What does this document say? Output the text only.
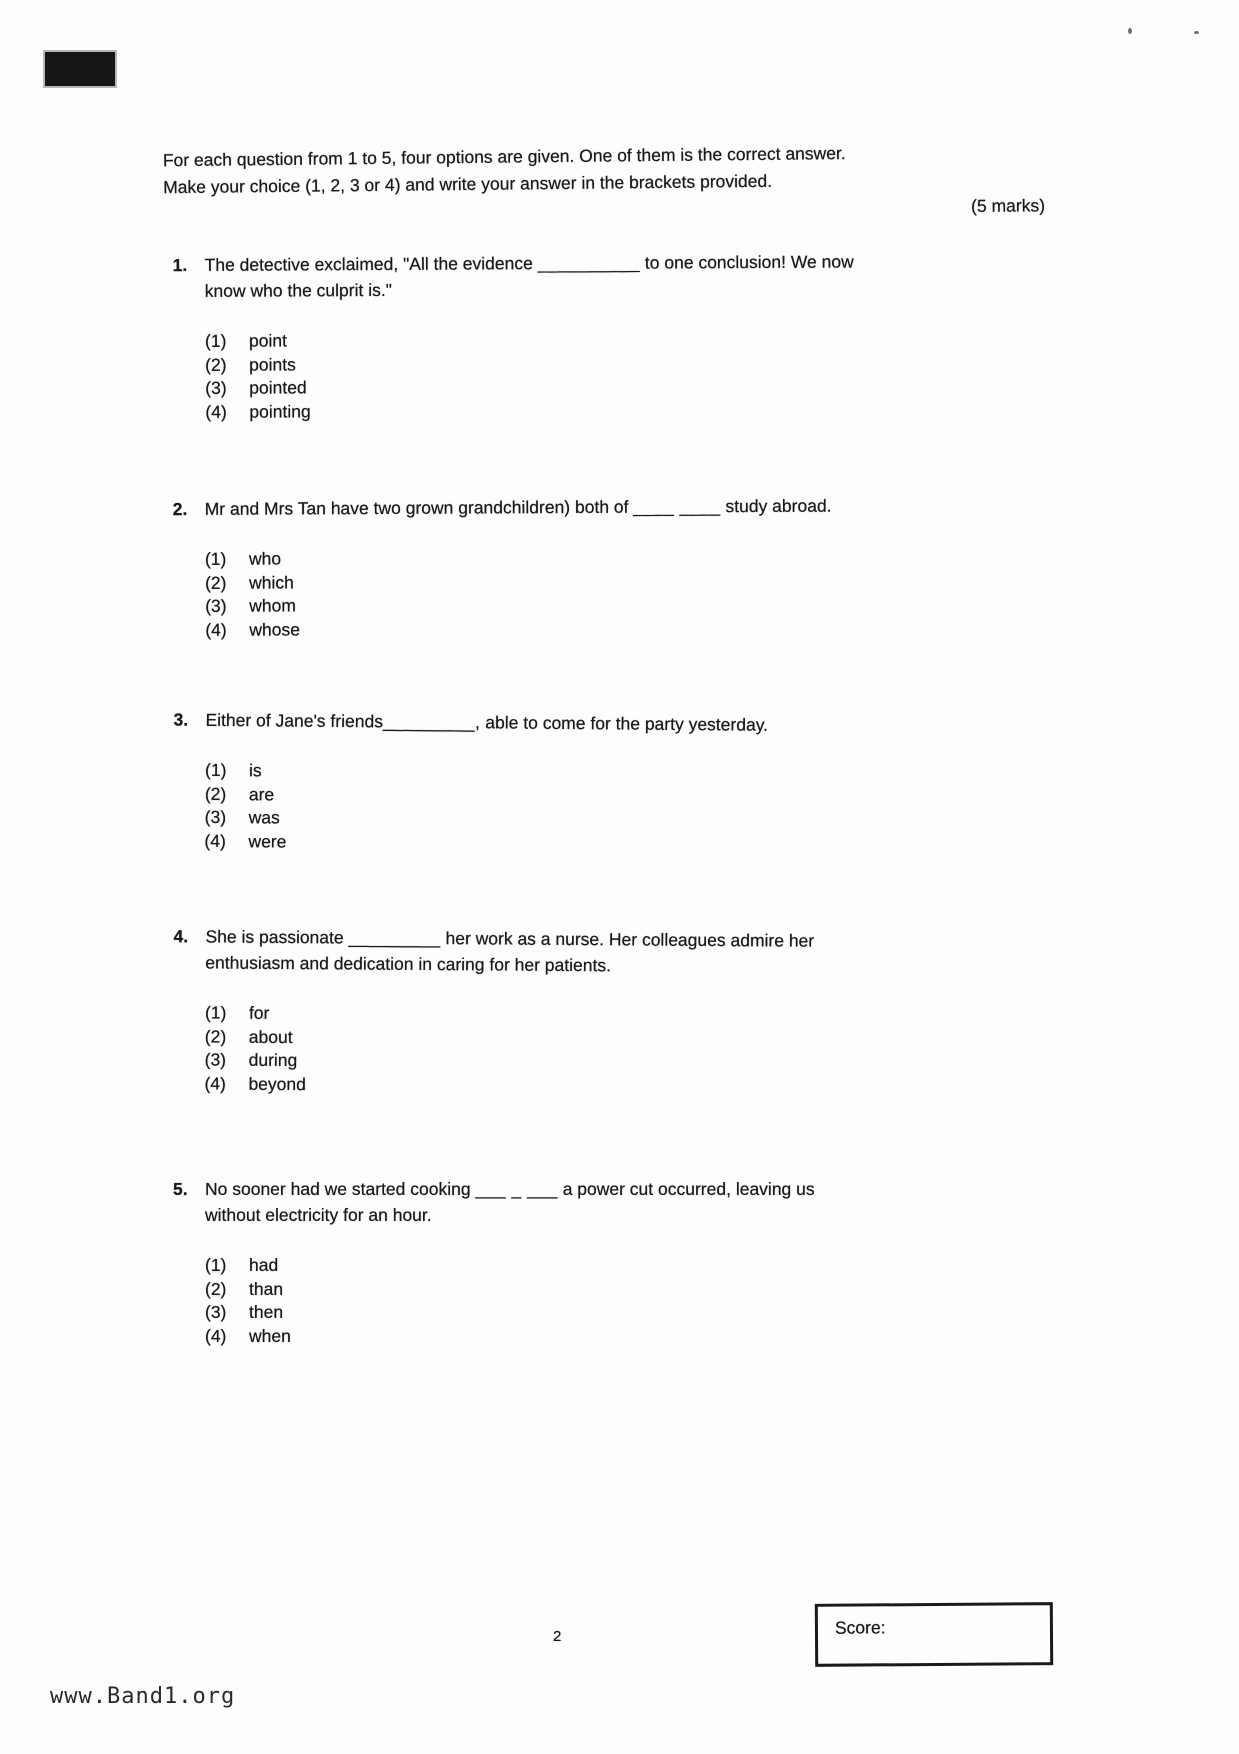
For each question from 1 to 5, four options are given. One of them is the correct answer.
Make your choice (1, 2, 3 or 4) and write your answer in the brackets provided.
(5 marks)
1. The detective exclaimed, "All the evidence __________ to one conclusion! We now
know who the culprit is."
(1)	point
(2)	points
(3)	pointed
(4)	pointing
2. Mr and Mrs Tan have two grown grandchildren) both of ____ ____ study abroad.
(1)	who
(2)	which
(3)	whom
(4)	whose
3. Either of Jane's friends_________, able to come for the party yesterday.
(1)	is
(2)	are
(3)	was
(4)	were
4. She is passionate _________ her work as a nurse. Her colleagues admire her
enthusiasm and dedication in caring for her patients.
(1)	for
(2)	about
(3)	during
(4)	beyond
5. No sooner had we started cooking ___ _ ___ a power cut occurred, leaving us
without electricity for an hour.
(1)	had
(2)	than
(3)	then
(4)	when
2	Score:
www.Band1.org
